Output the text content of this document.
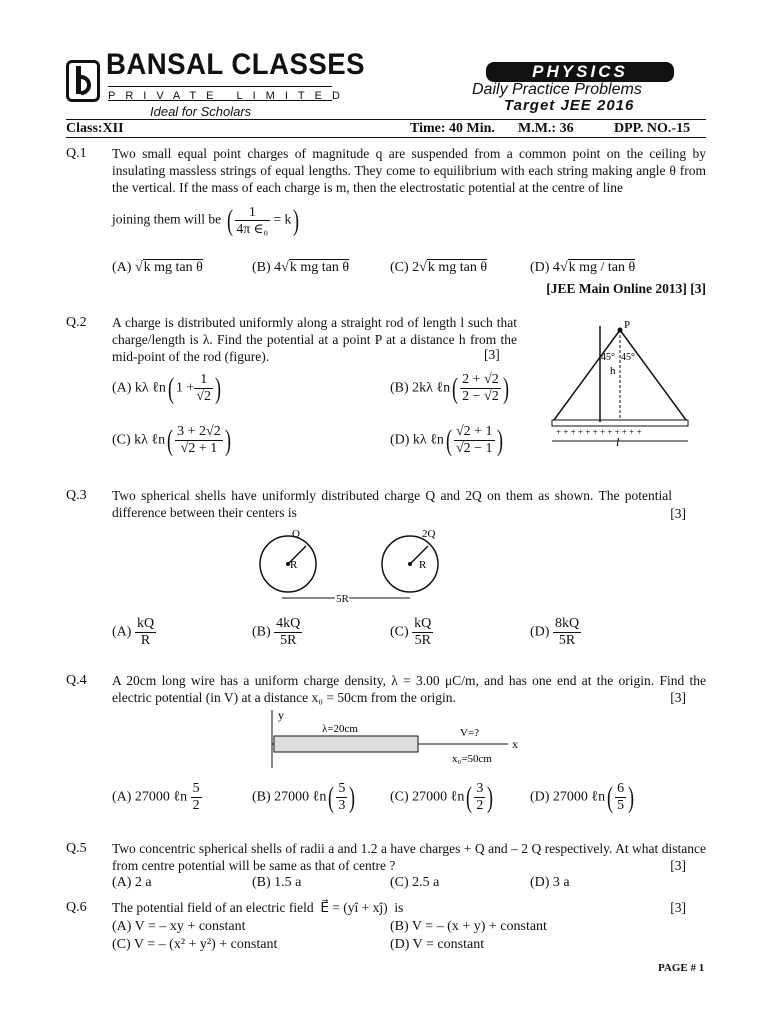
BANSAL CLASSES
PRIVATE LIMITED
Ideal for Scholars
PHYSICS
Daily Practice Problems
Target JEE 2016
Class:XII	Time: 40 Min. M.M.: 36	DPP. NO.-15
Q.1 Two small equal point charges of magnitude q are suspended from a common point on the ceiling by insulating massless strings of equal lengths. They come to equilibrium with each string making angle θ from the vertical. If the mass of each charge is m, then the electrostatic potential at the centre of line
joining them will be ( $\frac{1}{\text{4π ∈₀}} = k$)
(A) √k mg tan θ	(B) 4√k mg tan θ	(C) 2√k mg tan θ	(D) 4√k mg / tan θ
[JEE Main Online 2013] [3]
Q.2 A charge is distributed uniformly along a straight rod of length l such that charge/length is λ. Find the potential at a point P at a distance h from the mid-point of the rod (figure).	[3]
(A) kλ ℓn( $1 + \frac{1}{√2}$ )	(B) 2kλ ℓn( $\frac{2 + √2}{2 - √2}$ )
(C) kλ ℓn( $\frac{3 + 2√2}{√2 + 1}$ )	(D) kλ ℓn( $\frac{√2 + 1}{√2 - 1}$ )
P
45° 45°
h
+ + + + + + + + + + + +
l
Q.3 Two spherical shells have uniformly distributed charge Q and 2Q on them as shown. The potential difference between their centers is	[3]
Q	2Q
R	R
5R
$(A) \frac{kQ}{R}$	$(B) \frac{4kQ}{5R}$	$(C) \frac{kQ}{5R}$	$(D) \frac{8kQ}{5R}$
Q.4 A 20cm long wire has a uniform charge density, λ = 3.00 μC/m, and has one end at the origin. Find the electric potential (in V) at a distance x₀ = 50cm from the origin.	[3]
y
x
λ=20cm	V=?
x₀=50cm
(A) 27000 ℓn $\frac{5}{2}$	(B) 27000 ℓn( $\frac{5}{3}$ ) (C) 27000 ℓn( $\frac{3}{2}$ )	(D) 27000 ℓn( $\frac{6}{5}$ )
Q.5 Two concentric spherical shells of radii a and 1.2 a have charges + Q and – 2 Q respectively. At what distance from centre potential will be same as that of centre ?	[3]
(A) 2 a	(B) 1.5 a	(C) 2.5 a	(D) 3 a
Q.6 The potential field of an electric field E⃗ = (yî + xĵ) is	[3]
(A) V = – xy + constant	(B) V = – (x + y) + constant
(C) V = – (x² + y²) + constant	(D) V = constant
PAGE # 1
